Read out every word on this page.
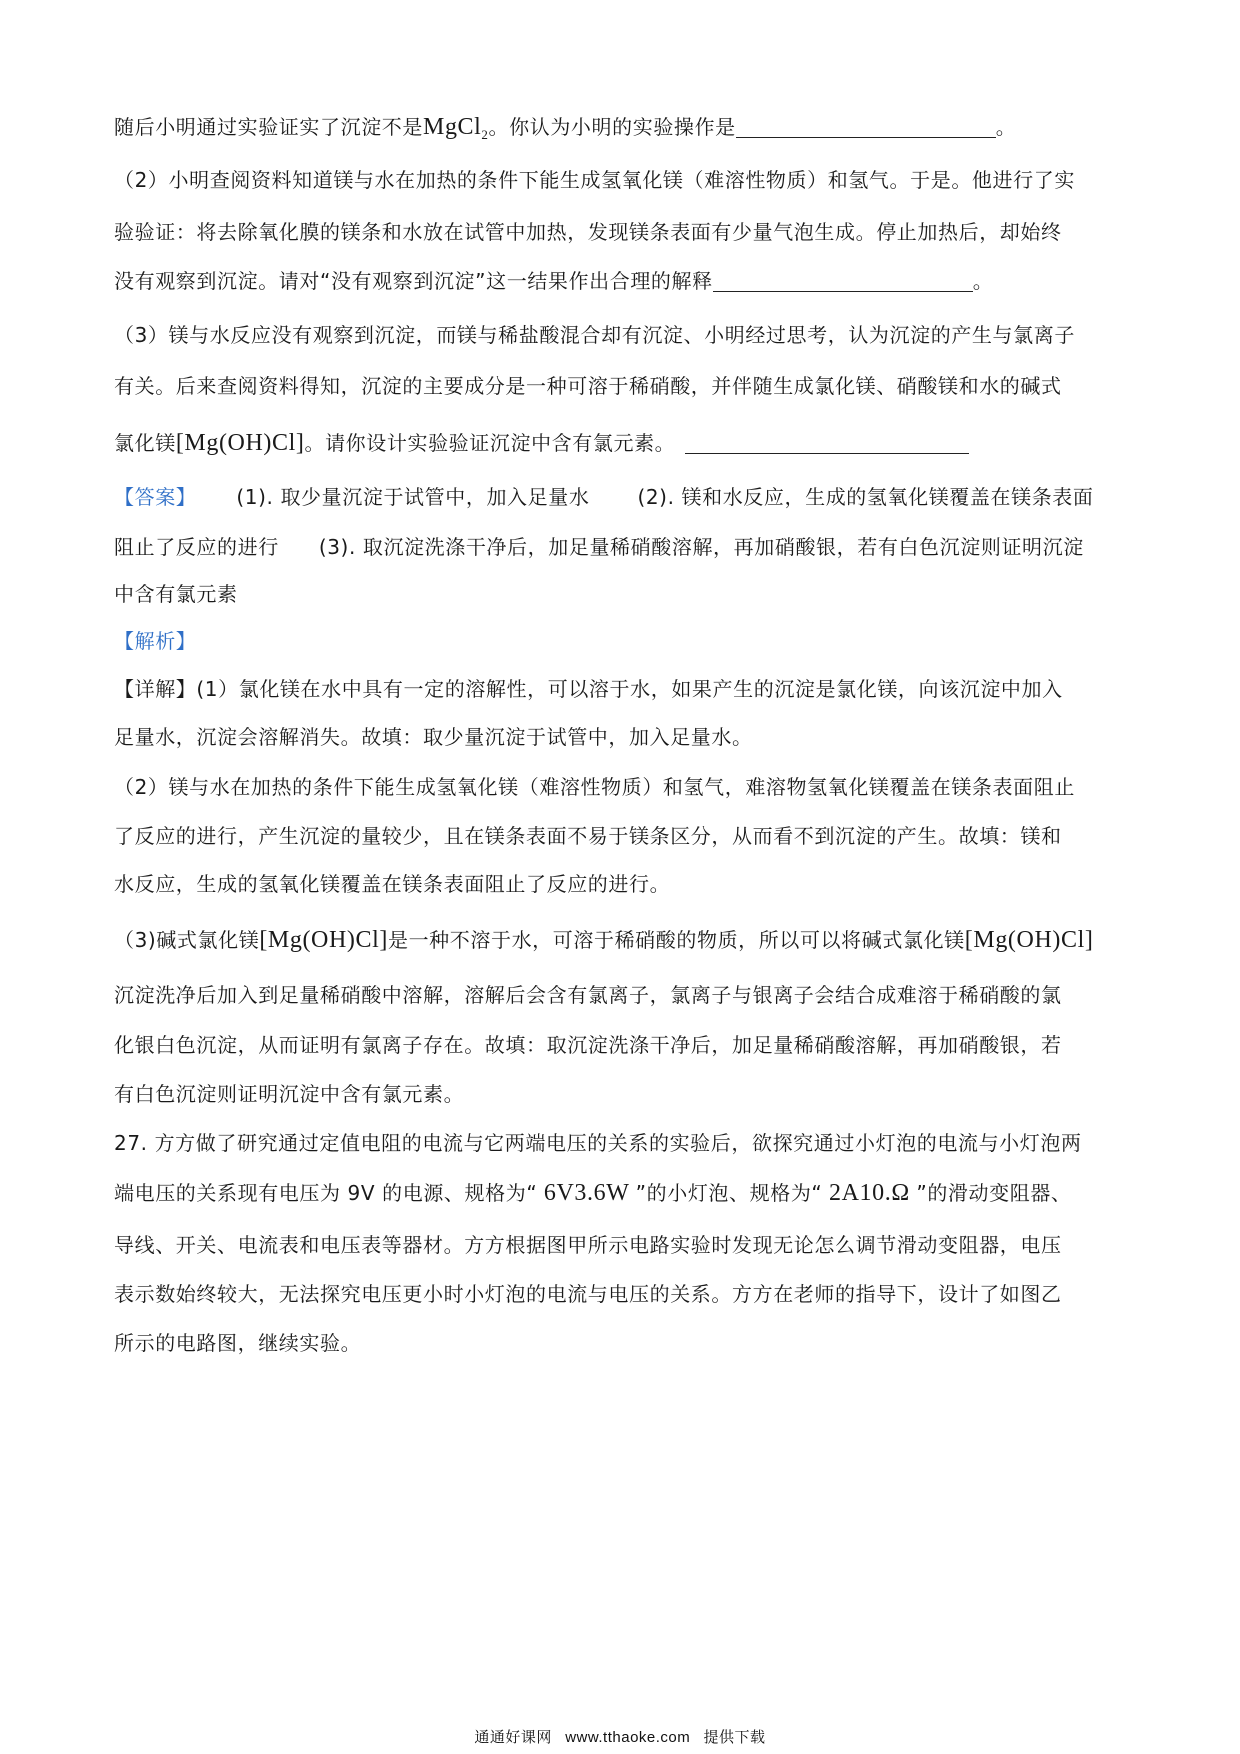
随后小明通过实验证实了沉淀不是MgCl$_2$。你认为小明的实验操作是	。
（2）小明查阅资料知道镁与水在加热的条件下能生成氢氧化镁（难溶性物质）和氢气。于是。他进行了实
验验证：将去除氧化膜的镁条和水放在试管中加热，发现镁条表面有少量气泡生成。停止加热后，却始终
没有观察到沉淀。请对“没有观察到沉淀”这一结果作出合理的解释	。
（3）镁与水反应没有观察到沉淀，而镁与稀盐酸混合却有沉淀、小明经过思考，认为沉淀的产生与氯离子
有关。后来查阅资料得知，沉淀的主要成分是一种可溶于稀硝酸，并伴随生成氯化镁、硝酸镁和水的碱式
氯化镁[Mg(OH)Cl]。请你设计实验验证沉淀中含有氯元素。
【答案】 (1). 取少量沉淀于试管中，加入足量水 (2). 镁和水反应，生成的氢氧化镁覆盖在镁条表面
阻止了反应的进行 (3). 取沉淀洗涤干净后，加足量稀硝酸溶解，再加硝酸银，若有白色沉淀则证明沉淀
中含有氯元素
【解析】
【详解】(1）氯化镁在水中具有一定的溶解性，可以溶于水，如果产生的沉淀是氯化镁，向该沉淀中加入
足量水，沉淀会溶解消失。故填：取少量沉淀于试管中，加入足量水。
（2）镁与水在加热的条件下能生成氢氧化镁（难溶性物质）和氢气，难溶物氢氧化镁覆盖在镁条表面阻止
了反应的进行，产生沉淀的量较少，且在镁条表面不易于镁条区分，从而看不到沉淀的产生。故填：镁和
水反应，生成的氢氧化镁覆盖在镁条表面阻止了反应的进行。
（3)碱式氯化镁[Mg(OH)Cl]是一种不溶于水，可溶于稀硝酸的物质，所以可以将碱式氯化镁[Mg(OH)Cl]
沉淀洗净后加入到足量稀硝酸中溶解，溶解后会含有氯离子，氯离子与银离子会结合成难溶于稀硝酸的氯
化银白色沉淀，从而证明有氯离子存在。故填：取沉淀洗涤干净后，加足量稀硝酸溶解，再加硝酸银，若
有白色沉淀则证明沉淀中含有氯元素。
27. 方方做了研究通过定值电阻的电流与它两端电压的关系的实验后，欲探究通过小灯泡的电流与小灯泡两
端电压的关系现有电压为 9V 的电源、规格为“ 6V3.6W ”的小灯泡、规格为“ 2A10.Ω ”的滑动变阻器、
导线、开关、电流表和电压表等器材。方方根据图甲所示电路实验时发现无论怎么调节滑动变阻器，电压
表示数始终较大，无法探究电压更小时小灯泡的电流与电压的关系。方方在老师的指导下，设计了如图乙
所示的电路图，继续实验。
通通好课网 www.tthaoke.com 提供下载
